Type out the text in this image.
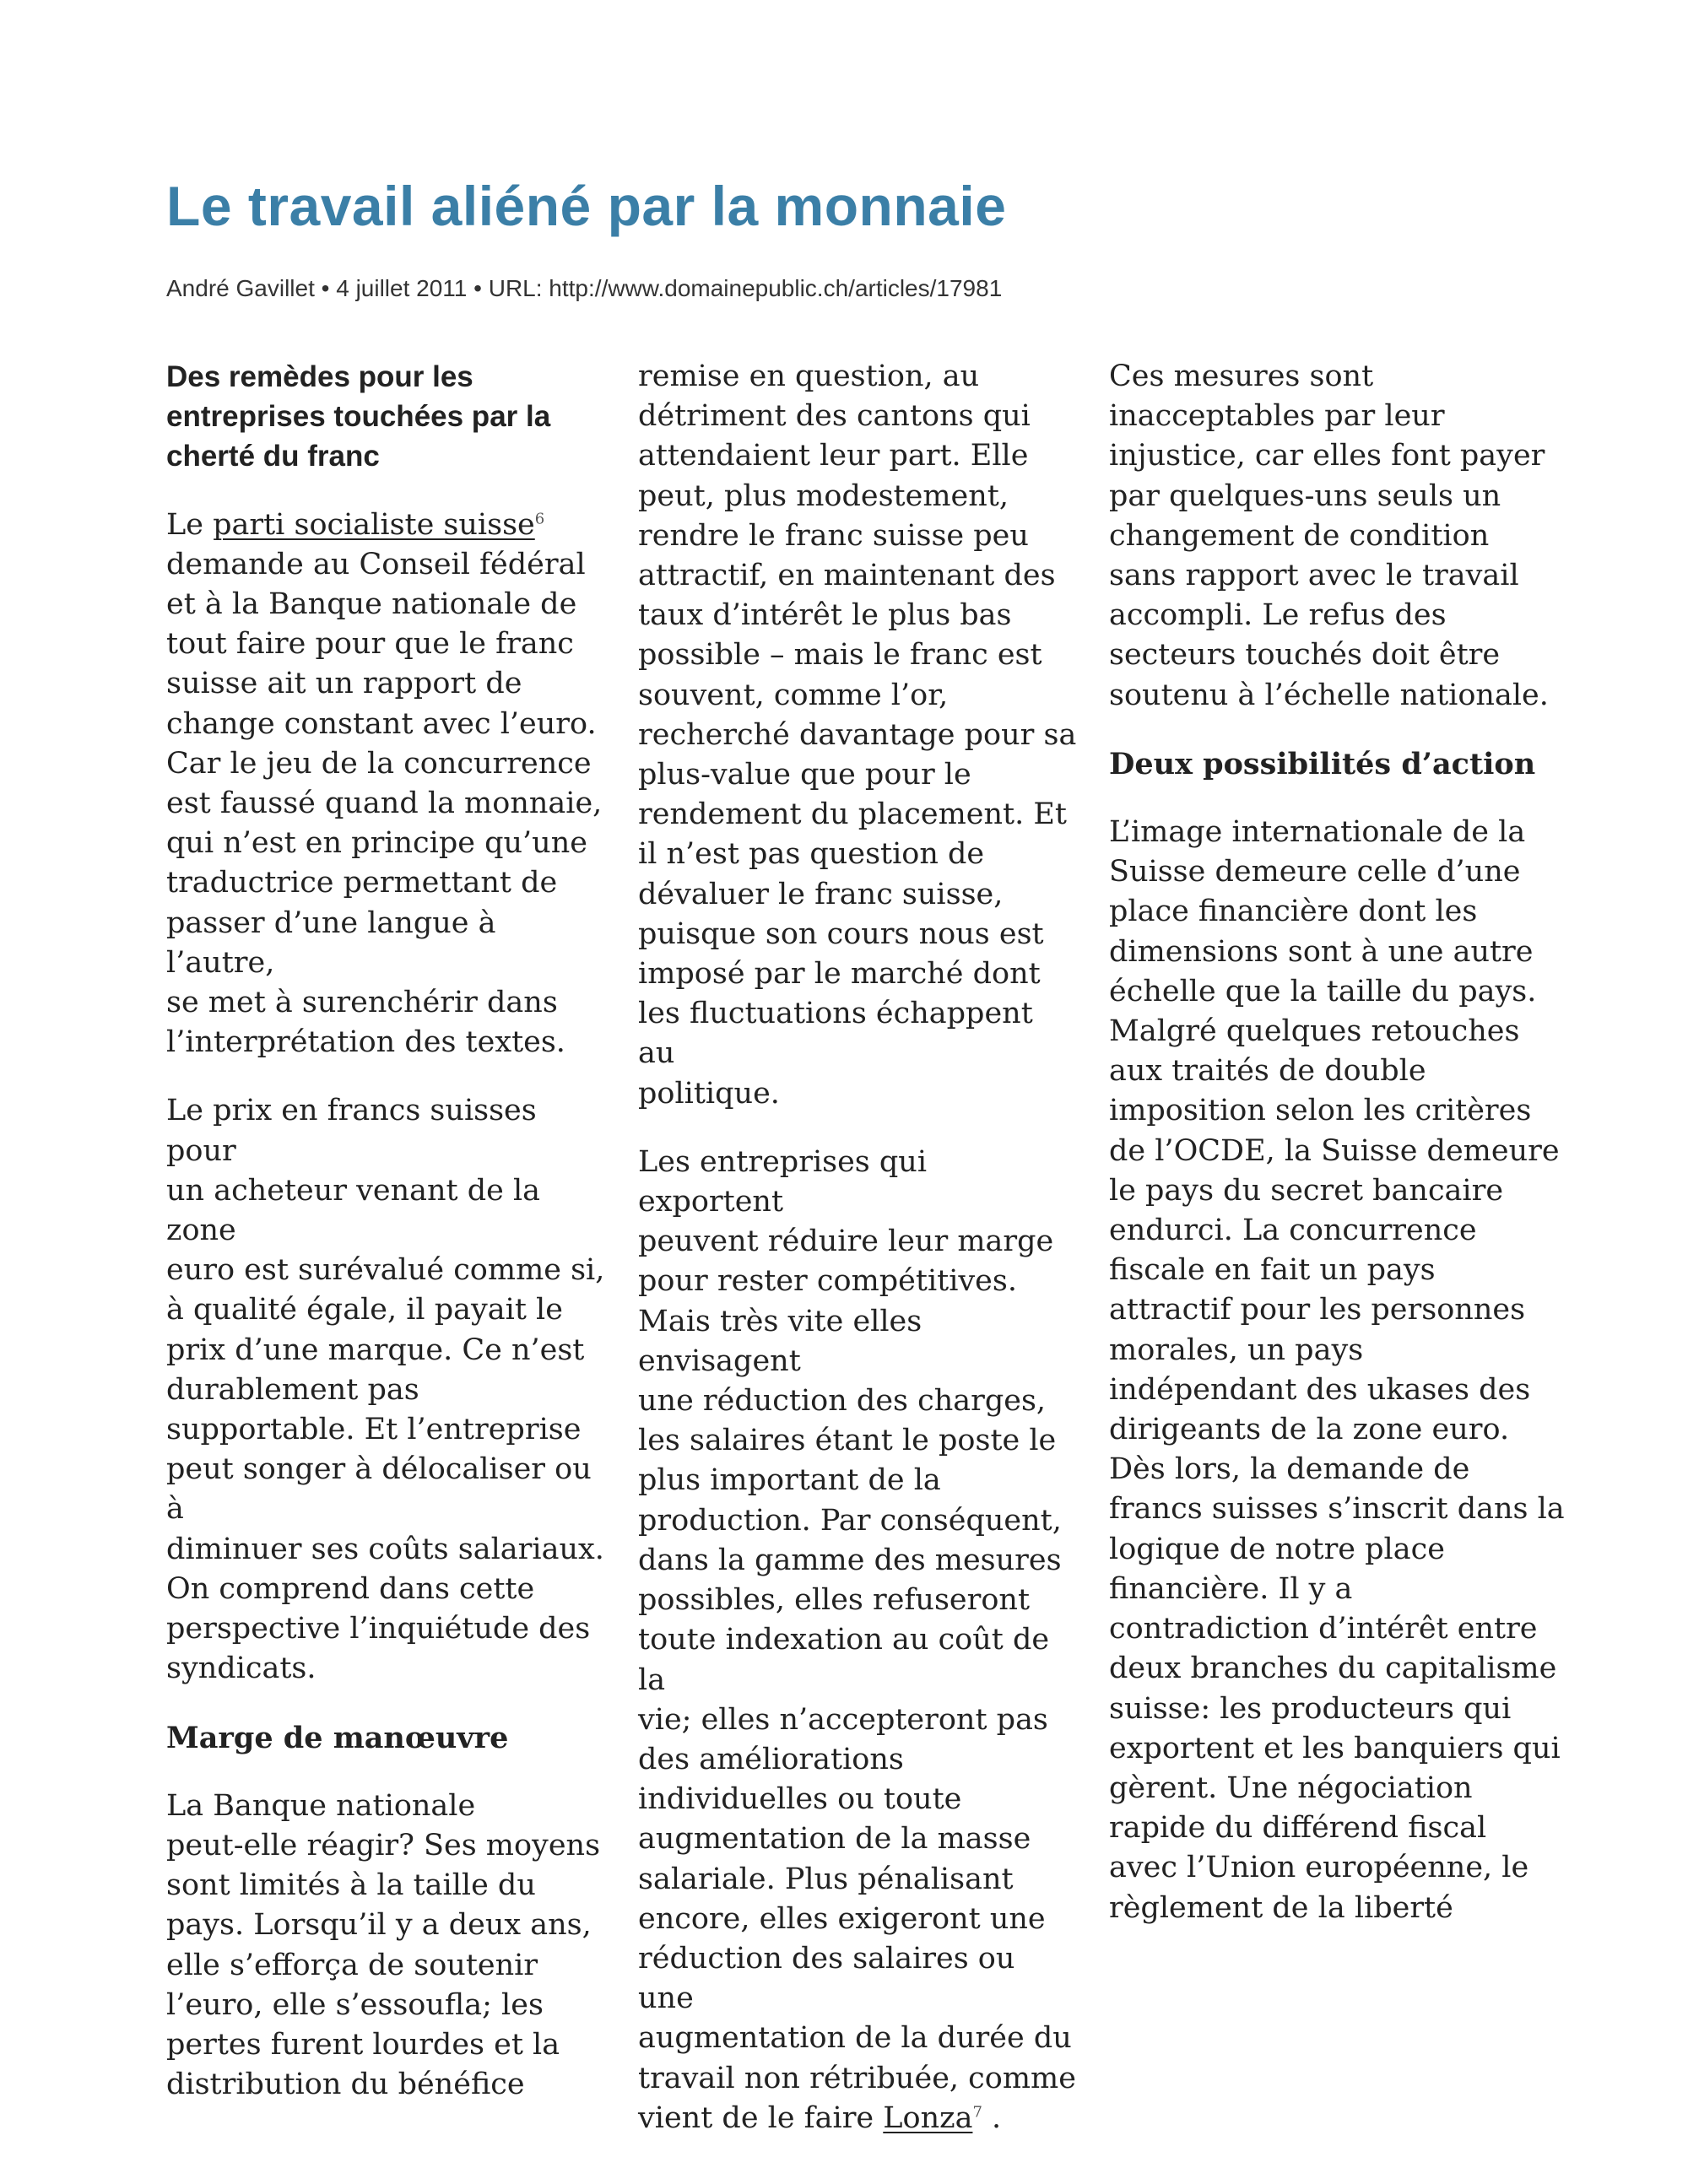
Le travail aliéné par la monnaie
André Gavillet • 4 juillet 2011 • URL: http://www.domainepublic.ch/articles/17981
Des remèdes pour les
entreprises touchées par la
cherté du franc

Le parti socialiste suisse$^6$
demande au Conseil fédéral
et à la Banque nationale de
tout faire pour que le franc
suisse ait un rapport de
change constant avec l’euro.
Car le jeu de la concurrence
est faussé quand la monnaie,
qui n’est en principe qu’une
traductrice permettant de
passer d’une langue à l’autre,
se met à surenchérir dans
l’interprétation des textes.

Le prix en francs suisses pour
un acheteur venant de la zone
euro est surévalué comme si,
à qualité égale, il payait le
prix d’une marque. Ce n’est
durablement pas
supportable. Et l’entreprise
peut songer à délocaliser ou à
diminuer ses coûts salariaux.
On comprend dans cette
perspective l’inquiétude des
syndicats.

Marge de manœuvre

La Banque nationale
peut-elle réagir? Ses moyens
sont limités à la taille du
pays. Lorsqu’il y a deux ans,
elle s’efforça de soutenir
l’euro, elle s’essoufla; les
pertes furent lourdes et la
distribution du bénéfice

remise en question, au
détriment des cantons qui
attendaient leur part. Elle
peut, plus modestement,
rendre le franc suisse peu
attractif, en maintenant des
taux d’intérêt le plus bas
possible – mais le franc est
souvent, comme l’or,
recherché davantage pour sa
plus-value que pour le
rendement du placement. Et
il n’est pas question de
dévaluer le franc suisse,
puisque son cours nous est
imposé par le marché dont
les fluctuations échappent au
politique.

Les entreprises qui exportent
peuvent réduire leur marge
pour rester compétitives.
Mais très vite elles envisagent
une réduction des charges,
les salaires étant le poste le
plus important de la
production. Par conséquent,
dans la gamme des mesures
possibles, elles refuseront
toute indexation au coût de la
vie; elles n’accepteront pas
des améliorations
individuelles ou toute
augmentation de la masse
salariale. Plus pénalisant
encore, elles exigeront une
réduction des salaires ou une
augmentation de la durée du
travail non rétribuée, comme
vient de le faire Lonza$^7$ .

Ces mesures sont
inacceptables par leur
injustice, car elles font payer
par quelques-uns seuls un
changement de condition
sans rapport avec le travail
accompli. Le refus des
secteurs touchés doit être
soutenu à l’échelle nationale.

Deux possibilités d’action

L’image internationale de la
Suisse demeure celle d’une
place financière dont les
dimensions sont à une autre
échelle que la taille du pays.
Malgré quelques retouches
aux traités de double
imposition selon les critères
de l’OCDE, la Suisse demeure
le pays du secret bancaire
endurci. La concurrence
fiscale en fait un pays
attractif pour les personnes
morales, un pays
indépendant des ukases des
dirigeants de la zone euro.
Dès lors, la demande de
francs suisses s’inscrit dans la
logique de notre place
financière. Il y a
contradiction d’intérêt entre
deux branches du capitalisme
suisse: les producteurs qui
exportent et les banquiers qui
gèrent. Une négociation
rapide du différend fiscal
avec l’Union européenne, le
règlement de la liberté
